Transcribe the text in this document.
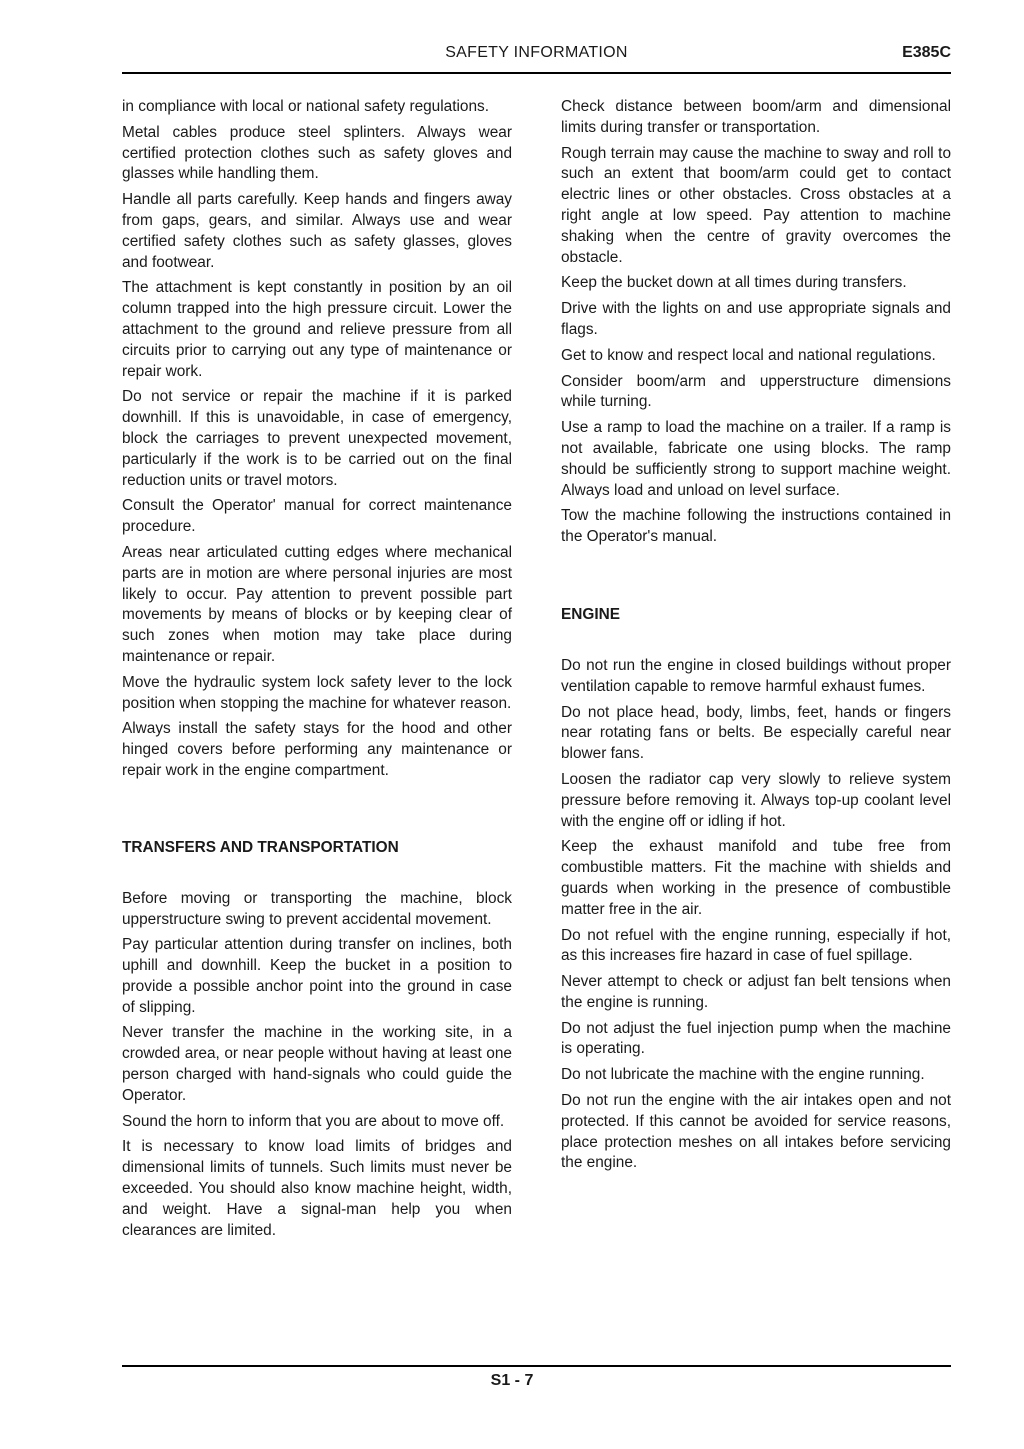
SAFETY INFORMATION	E385C

in compliance with local or national safety regulations.

Metal cables produce steel splinters. Always wear certified protection clothes such as safety gloves and glasses while handling them.

Handle all parts carefully. Keep hands and fingers away from gaps, gears, and similar. Always use and wear certified safety clothes such as safety glasses, gloves and footwear.

The attachment is kept constantly in position by an oil column trapped into the high pressure circuit. Lower the attachment to the ground and relieve pressure from all circuits prior to carrying out any type of maintenance or repair work.

Do not service or repair the machine if it is parked downhill. If this is unavoidable, in case of emergency, block the carriages to prevent unexpected movement, particularly if the work is to be carried out on the final reduction units or travel motors.

Consult the Operator' manual for correct maintenance procedure.

Areas near articulated cutting edges where mechanical parts are in motion are where personal injuries are most likely to occur. Pay attention to prevent possible part movements by means of blocks or by keeping clear of such zones when motion may take place during maintenance or repair.

Move the hydraulic system lock safety lever to the lock position when stopping the machine for whatever reason.

Always install the safety stays for the hood and other hinged covers before performing any maintenance or repair work in the engine compartment.

TRANSFERS AND TRANSPORTATION

Before moving or transporting the machine, block upperstructure swing to prevent accidental movement.

Pay particular attention during transfer on inclines, both uphill and downhill. Keep the bucket in a position to provide a possible anchor point into the ground in case of slipping.

Never transfer the machine in the working site, in a crowded area, or near people without having at least one person charged with hand-signals who could guide the Operator.

Sound the horn to inform that you are about to move off.

It is necessary to know load limits of bridges and dimensional limits of tunnels. Such limits must never be exceeded. You should also know machine height, width, and weight. Have a signal-man help you when clearances are limited.

Check distance between boom/arm and dimensional limits during transfer or transportation.

Rough terrain may cause the machine to sway and roll to such an extent that boom/arm could get to contact electric lines or other obstacles. Cross obstacles at a right angle at low speed. Pay attention to machine shaking when the centre of gravity overcomes the obstacle.

Keep the bucket down at all times during transfers.

Drive with the lights on and use appropriate signals and flags.

Get to know and respect local and national regulations.

Consider boom/arm and upperstructure dimensions while turning.

Use a ramp to load the machine on a trailer. If a ramp is not available, fabricate one using blocks. The ramp should be sufficiently strong to support machine weight. Always load and unload on level surface.

Tow the machine following the instructions contained in the Operator's manual.

ENGINE

Do not run the engine in closed buildings without proper ventilation capable to remove harmful exhaust fumes.

Do not place head, body, limbs, feet, hands or fingers near rotating fans or belts. Be especially careful near blower fans.

Loosen the radiator cap very slowly to relieve system pressure before removing it. Always top-up coolant level with the engine off or idling if hot.

Keep the exhaust manifold and tube free from combustible matters. Fit the machine with shields and guards when working in the presence of combustible matter free in the air.

Do not refuel with the engine running, especially if hot, as this increases fire hazard in case of fuel spillage.

Never attempt to check or adjust fan belt tensions when the engine is running.

Do not adjust the fuel injection pump when the machine is operating.

Do not lubricate the machine with the engine running.

Do not run the engine with the air intakes open and not protected. If this cannot be avoided for service reasons, place protection meshes on all intakes before servicing the engine.

S1 - 7
